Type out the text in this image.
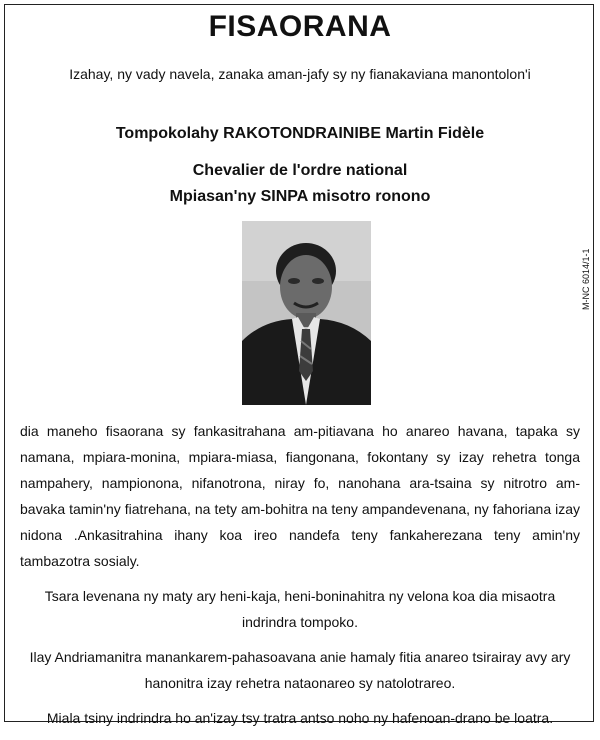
FISAORANA
Izahay, ny vady navela, zanaka aman-jafy sy ny fianakaviana manontolon'i
Tompokolahy RAKOTONDRAINIBE Martin Fidèle
Chevalier de l'ordre national
Mpiasan'ny SINPA misotro ronono
M-NC 6014/1-1

dia maneho fisaorana sy fankasitrahana am-pitiavana ho anareo havana, tapaka sy namana, mpiara-monina, mpiara-miasa, fiangonana, fokontany sy izay rehetra tonga nampahery, nampionona, nifanotrona, niray fo, nanohana ara-tsaina sy nitrotro am-bavaka tamin'ny fiatrehana, na tety am-bohitra na teny ampandevenana, ny fahoriana izay nidona .Ankasitrahina ihany koa ireo nandefa teny fankaherezana teny amin'ny tambazotra sosialy.

Tsara levenana ny maty ary heni-kaja, heni-boninahitra ny velona koa dia misaotra indrindra tompoko.

Ilay Andriamanitra manankarem-pahasoavana anie hamaly fitia anareo tsirairay avy ary hanonitra izay rehetra nataonareo sy natolotrareo.

Miala tsiny indrindra ho an'izay tsy tratra antso noho ny hafenoan-drano be loatra.
